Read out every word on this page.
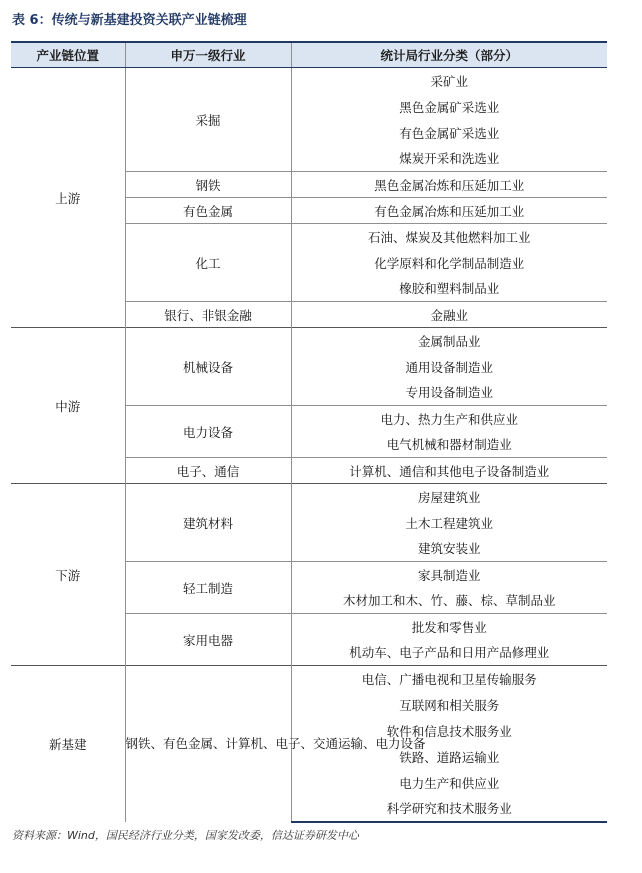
表 6：传统与新基建投资关联产业链梳理
产业链位置	申万一级行业	统计局行业分类（部分）
上游	采掘	采矿业
		黑色金属矿采选业
		有色金属矿采选业
		煤炭开采和洗选业
	钢铁	黑色金属冶炼和压延加工业
	有色金属	有色金属冶炼和压延加工业
	化工	石油、煤炭及其他燃料加工业
		化学原料和化学制品制造业
		橡胶和塑料制品业
	银行、非银金融	金融业
中游	机械设备	金属制品业
		通用设备制造业
		专用设备制造业
	电力设备	电力、热力生产和供应业
		电气机械和器材制造业
	电子、通信	计算机、通信和其他电子设备制造业
下游	建筑材料	房屋建筑业
		土木工程建筑业
		建筑安装业
	轻工制造	家具制造业
		木材加工和木、竹、藤、棕、草制品业
	家用电器	批发和零售业
		机动车、电子产品和日用产品修理业
新基建	钢铁、有色金属、计算机、电子、交通运输、电力设备	电信、广播电视和卫星传输服务
		互联网和相关服务
		软件和信息技术服务业
		铁路、道路运输业
		电力生产和供应业
		科学研究和技术服务业
资料来源：Wind，国民经济行业分类，国家发改委，信达证券研发中心
